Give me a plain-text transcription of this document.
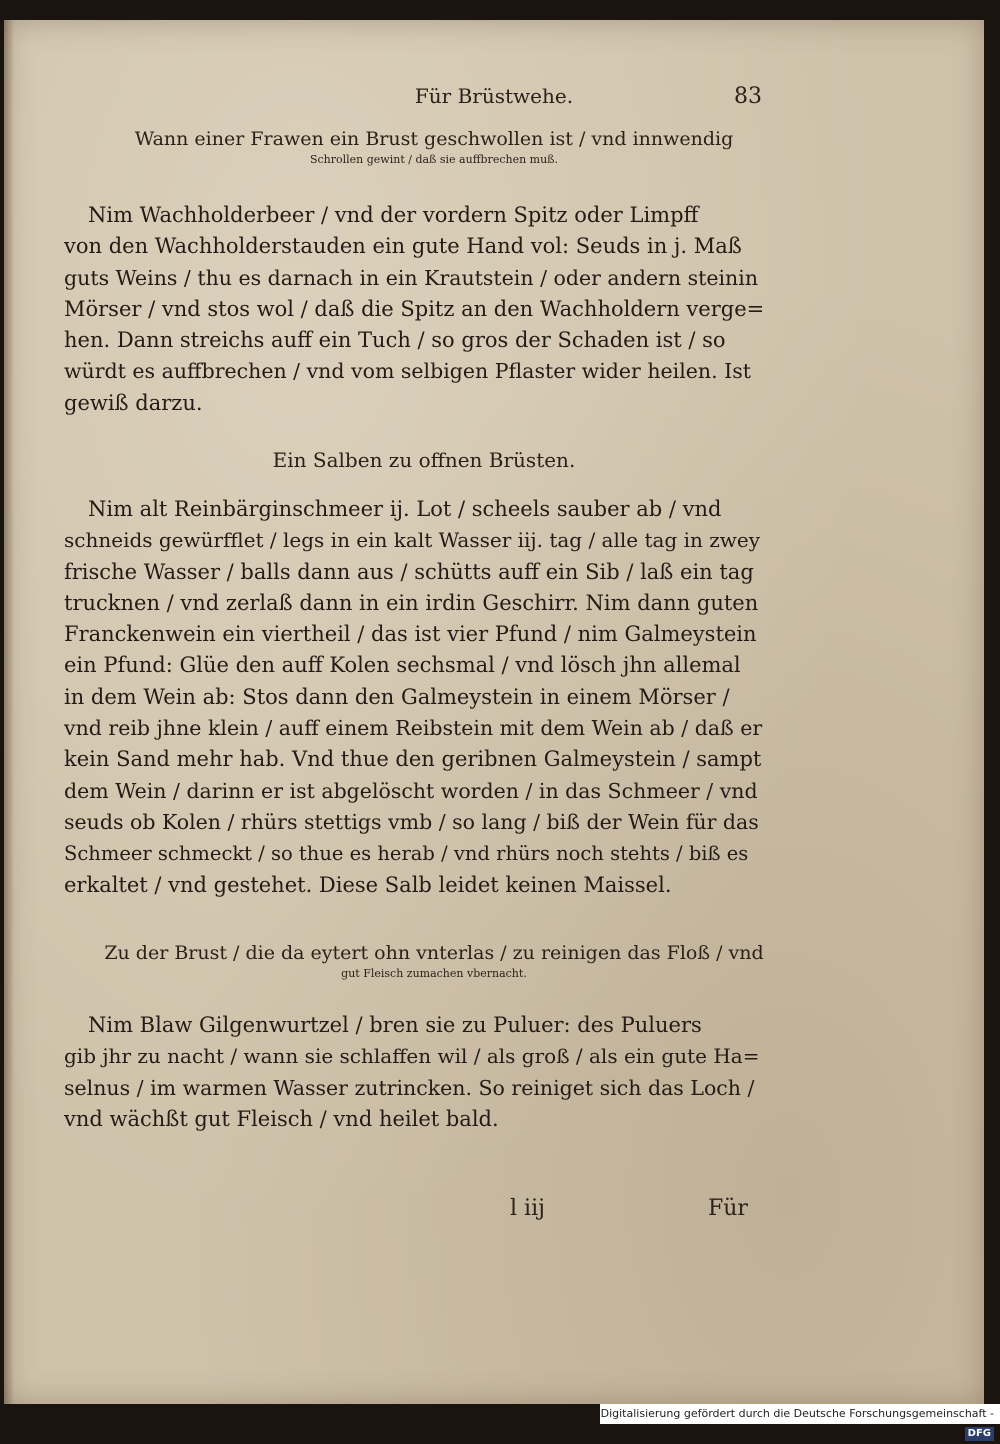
Für Brüstwehe.	83
Wann einer Frawen ein Brust geschwollen ist / vnd innwendig
Schrollen gewint / daß sie auffbrechen muß.
Nim Wachholderbeer / vnd der vordern Spitz oder Limpff
von den Wachholderstauden ein gute Hand vol: Seuds in j. Maß
guts Weins / thu es darnach in ein Krautstein / oder andern steinin
Mörser / vnd stos wol / daß die Spitz an den Wachholdern verge=
hen. Dann streichs auff ein Tuch / so gros der Schaden ist / so
würdt es auffbrechen / vnd vom selbigen Pflaster wider heilen. Ist
gewiß darzu.
Ein Salben zu offnen Brüsten.
Nim alt Reinbärginschmeer ij. Lot / scheels sauber ab / vnd
schneids gewürfflet / legs in ein kalt Wasser iij. tag / alle tag in zwey
frische Wasser / balls dann aus / schütts auff ein Sib / laß ein tag
trucknen / vnd zerlaß dann in ein irdin Geschirr. Nim dann guten
Franckenwein ein viertheil / das ist vier Pfund / nim Galmeystein
ein Pfund: Glüe den auff Kolen sechsmal / vnd lösch jhn allemal
in dem Wein ab: Stos dann den Galmeystein in einem Mörser /
vnd reib jhne klein / auff einem Reibstein mit dem Wein ab / daß er
kein Sand mehr hab. Vnd thue den geribnen Galmeystein / sampt
dem Wein / darinn er ist abgelöscht worden / in das Schmeer / vnd
seuds ob Kolen / rhürs stettigs vmb / so lang / biß der Wein für das
Schmeer schmeckt / so thue es herab / vnd rhürs noch stehts / biß es
erkaltet / vnd gestehet. Diese Salb leidet keinen Maissel.
Zu der Brust / die da eytert ohn vnterlas / zu reinigen das Floß / vnd
gut Fleisch zumachen vbernacht.
Nim Blaw Gilgenwurtzel / bren sie zu Puluer: des Puluers
gib jhr zu nacht / wann sie schlaffen wil / als groß / als ein gute Ha=
selnus / im warmen Wasser zutrincken. So reiniget sich das Loch /
vnd wächßt gut Fleisch / vnd heilet bald.
l iij	Für
Digitalisierung gefördert durch die Deutsche Forschungsgemeinschaft -DFG
